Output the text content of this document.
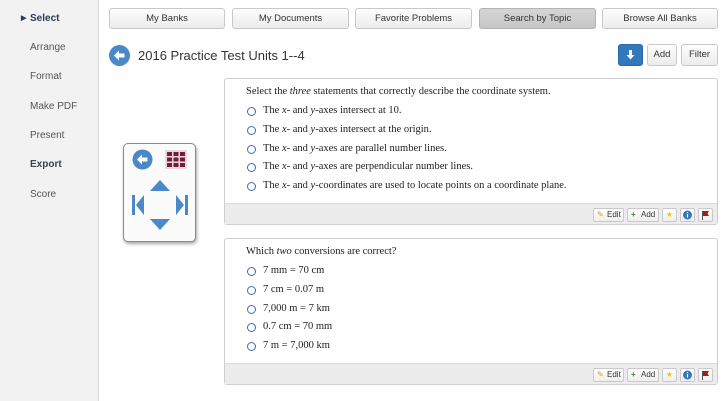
▶ Select
Arrange
Format
Make PDF
Present
Export
Score
My Banks	My Documents	Favorite Problems	Search by Topic	Browse All Banks
2016 Practice Test Units 1--4	Add	Filter
Select the three statements that correctly describe the coordinate system.
The x- and y-axes intersect at 10.
The x- and y-axes intersect at the origin.
The x- and y-axes are parallel number lines.
The x- and y-axes are perpendicular number lines.
The x- and y-coordinates are used to locate points on a coordinate plane.
✎ Edit + Add	★
Which two conversions are correct?
7 mm = 70 cm
7 cm = 0.07 m
7,000 m = 7 km
0.7 cm = 70 mm
7 m = 7,000 km
✎ Edit + Add	★
